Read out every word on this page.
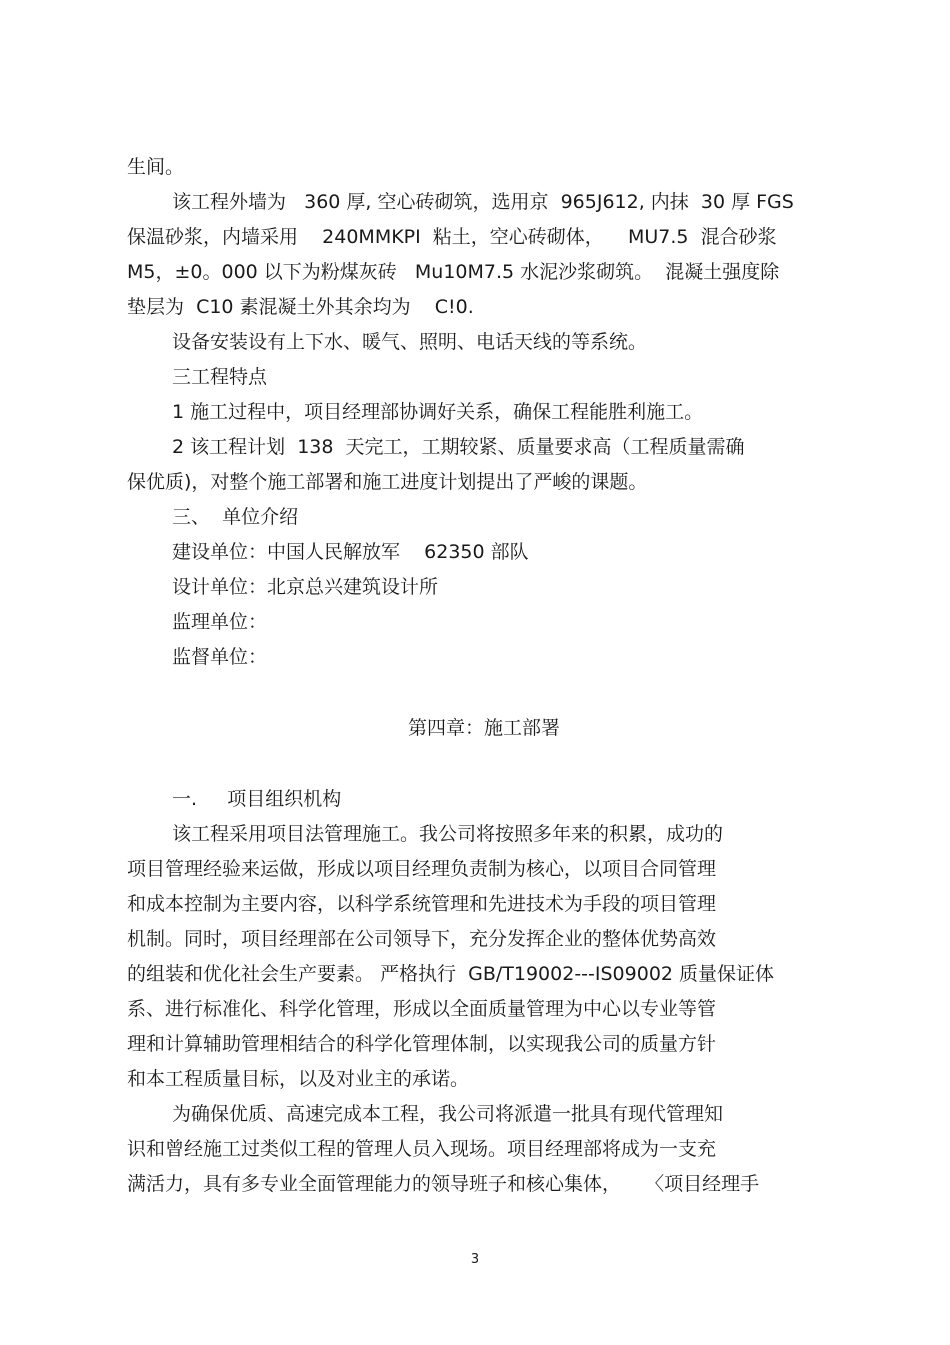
生间。
该工程外墙为   360 厚, 空心砖砌筑，选用京  965J612, 内抹  30 厚 FGS
保温砂浆，内墙采用    240MMKPI  粘土，空心砖砌体，    MU7.5  混合砂浆
M5，±0。000 以下为粉煤灰砖   Mu10M7.5 水泥沙浆砌筑。  混凝土强度除
垫层为  C10 素混凝土外其余均为    C!0.
设备安装设有上下水、暖气、照明、电话天线的等系统。
三工程特点
1 施工过程中，项目经理部协调好关系，确保工程能胜利施工。
2 该工程计划  138  天完工，工期较紧、质量要求高（工程质量需确
保优质)，对整个施工部署和施工进度计划提出了严峻的课题。
三、  单位介绍
建设单位：中国人民解放军    62350 部队
设计单位：北京总兴建筑设计所
监理单位：
监督单位：
第四章：施工部署
一.     项目组织机构
该工程采用项目法管理施工。我公司将按照多年来的积累，成功的
项目管理经验来运做，形成以项目经理负责制为核心，以项目合同管理
和成本控制为主要内容，以科学系统管理和先进技术为手段的项目管理
机制。同时，项目经理部在公司领导下，充分发挥企业的整体优势高效
的组装和优化社会生产要素。 严格执行  GB/T19002---IS09002 质量保证体
系、进行标准化、科学化管理，形成以全面质量管理为中心以专业等管
理和计算辅助管理相结合的科学化管理体制，以实现我公司的质量方针
和本工程质量目标，以及对业主的承诺。
为确保优质、高速完成本工程，我公司将派遣一批具有现代管理知
识和曾经施工过类似工程的管理人员入现场。项目经理部将成为一支充
满活力，具有多专业全面管理能力的领导班子和核心集体，    〈项目经理手
3
